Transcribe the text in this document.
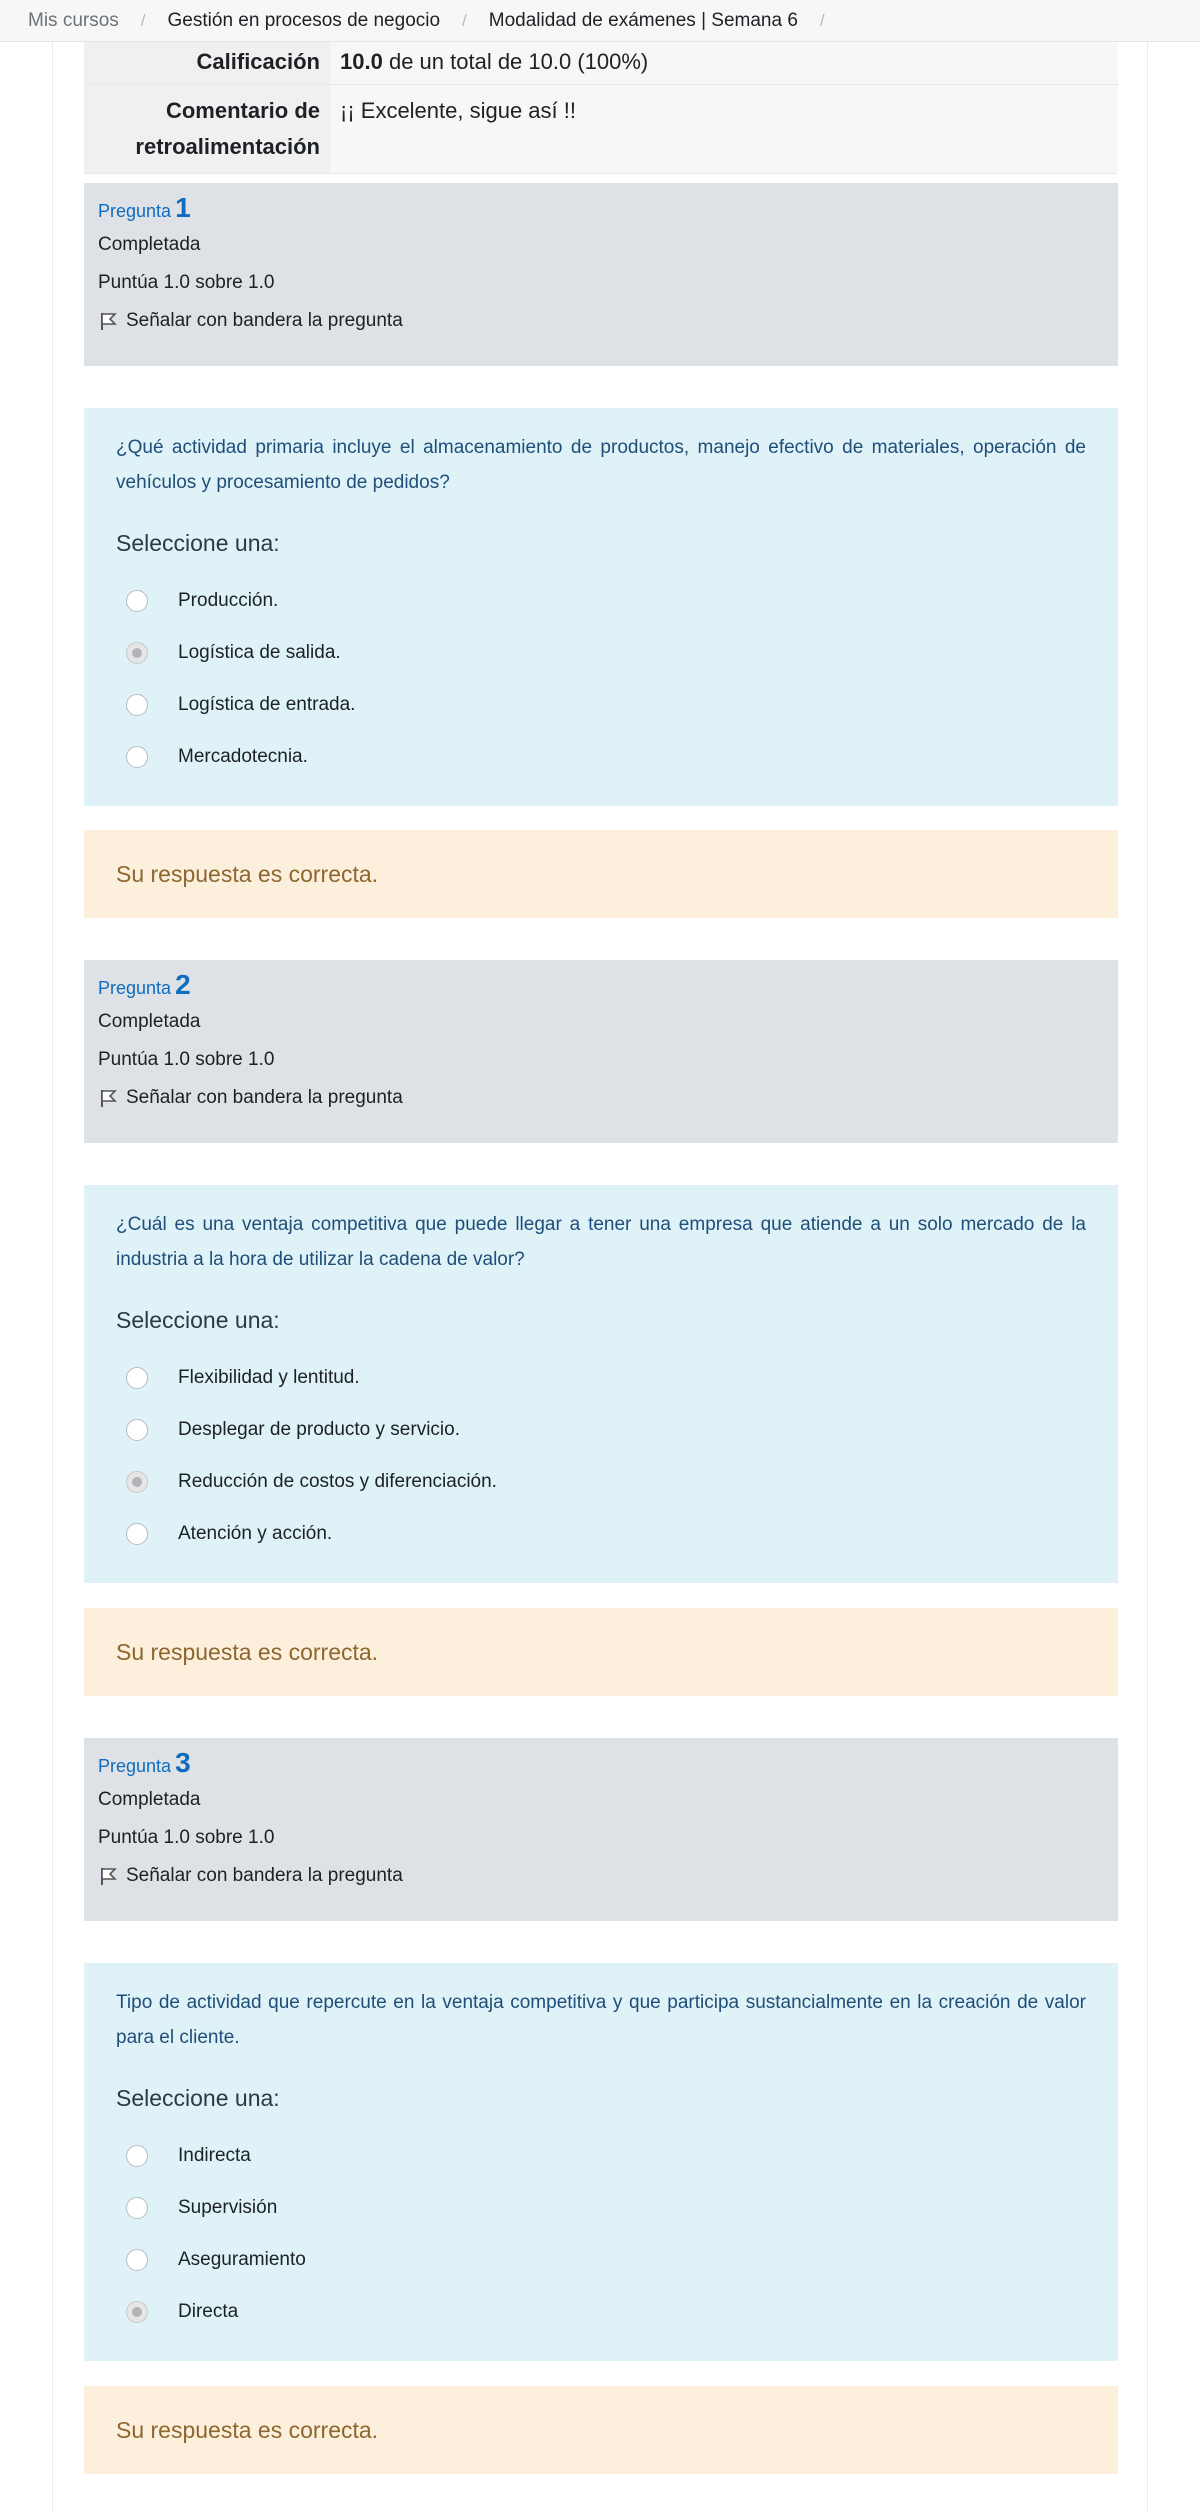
Mis cursos / Gestión en procesos de negocio / Modalidad de exámenes | Semana 6 /
Calificación 10.0 de un total de 10.0 (100%)
Comentario de retroalimentación
¡¡ Excelente, sigue así !!
Pregunta 1
Completada
Puntúa 1.0 sobre 1.0
Señalar con bandera la pregunta
¿Qué actividad primaria incluye el almacenamiento de productos, manejo efectivo de materiales, operación de vehículos y procesamiento de pedidos?
Seleccione una:
Producción.
Logística de salida.
Logística de entrada.
Mercadotecnia.
Su respuesta es correcta.
Pregunta 2
Completada
Puntúa 1.0 sobre 1.0
Señalar con bandera la pregunta
¿Cuál es una ventaja competitiva que puede llegar a tener una empresa que atiende a un solo mercado de la industria a la hora de utilizar la cadena de valor?
Seleccione una:
Flexibilidad y lentitud.
Desplegar de producto y servicio.
Reducción de costos y diferenciación.
Atención y acción.
Su respuesta es correcta.
Pregunta 3
Completada
Puntúa 1.0 sobre 1.0
Señalar con bandera la pregunta
Tipo de actividad que repercute en la ventaja competitiva y que participa sustancialmente en la creación de valor para el cliente.
Seleccione una:
Indirecta
Supervisión
Aseguramiento
Directa
Su respuesta es correcta.
